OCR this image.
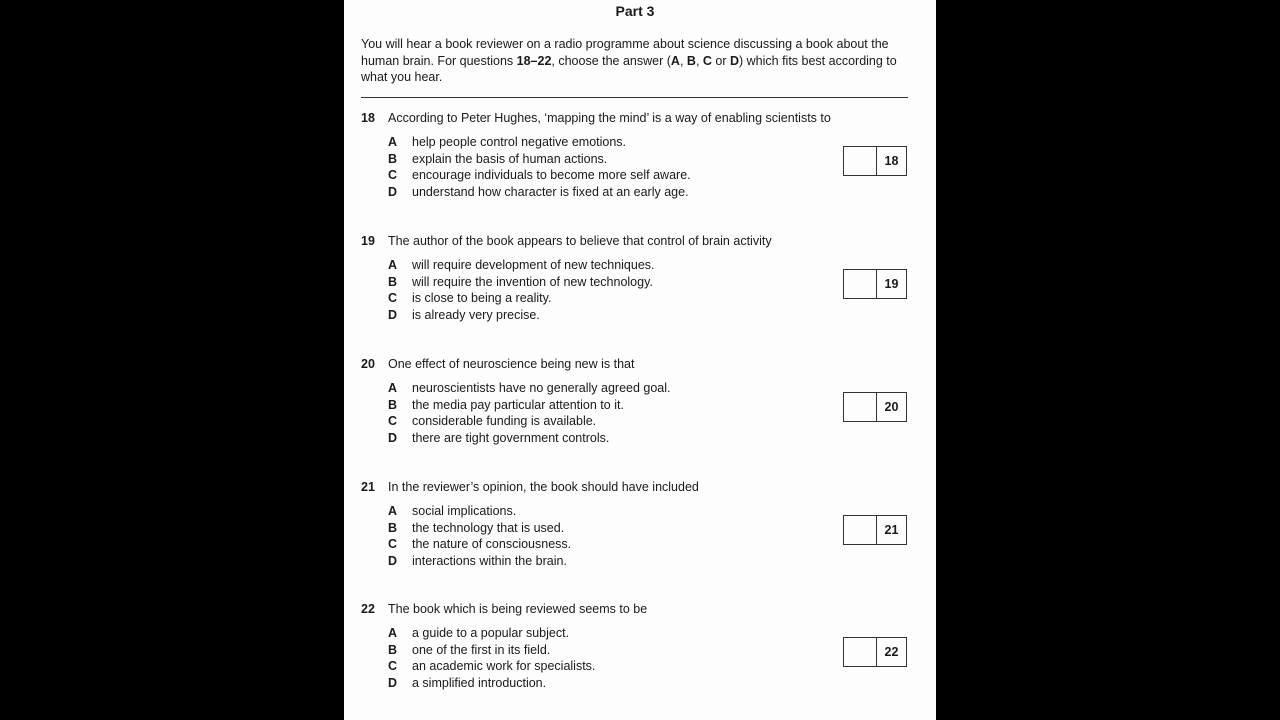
Part 3
You will hear a book reviewer on a radio programme about science discussing a book about the human brain. For questions 18–22, choose the answer (A, B, C or D) which fits best according to what you hear.
18 According to Peter Hughes, ‘mapping the mind’ is a way of enabling scientists to
A	help people control negative emotions.
B	explain the basis of human actions.
C	encourage individuals to become more self aware.
D	understand how character is fixed at an early age.
18
19 The author of the book appears to believe that control of brain activity
A	will require development of new techniques.
B	will require the invention of new technology.
C	is close to being a reality.
D	is already very precise.
19
20 One effect of neuroscience being new is that
A	neuroscientists have no generally agreed goal.
B	the media pay particular attention to it.
C	considerable funding is available.
D	there are tight government controls.
20
21 In the reviewer’s opinion, the book should have included
A	social implications.
B	the technology that is used.
C	the nature of consciousness.
D	interactions within the brain.
21
22 The book which is being reviewed seems to be
A	a guide to a popular subject.
B	one of the first in its field.
C	an academic work for specialists.
D	a simplified introduction.
22
